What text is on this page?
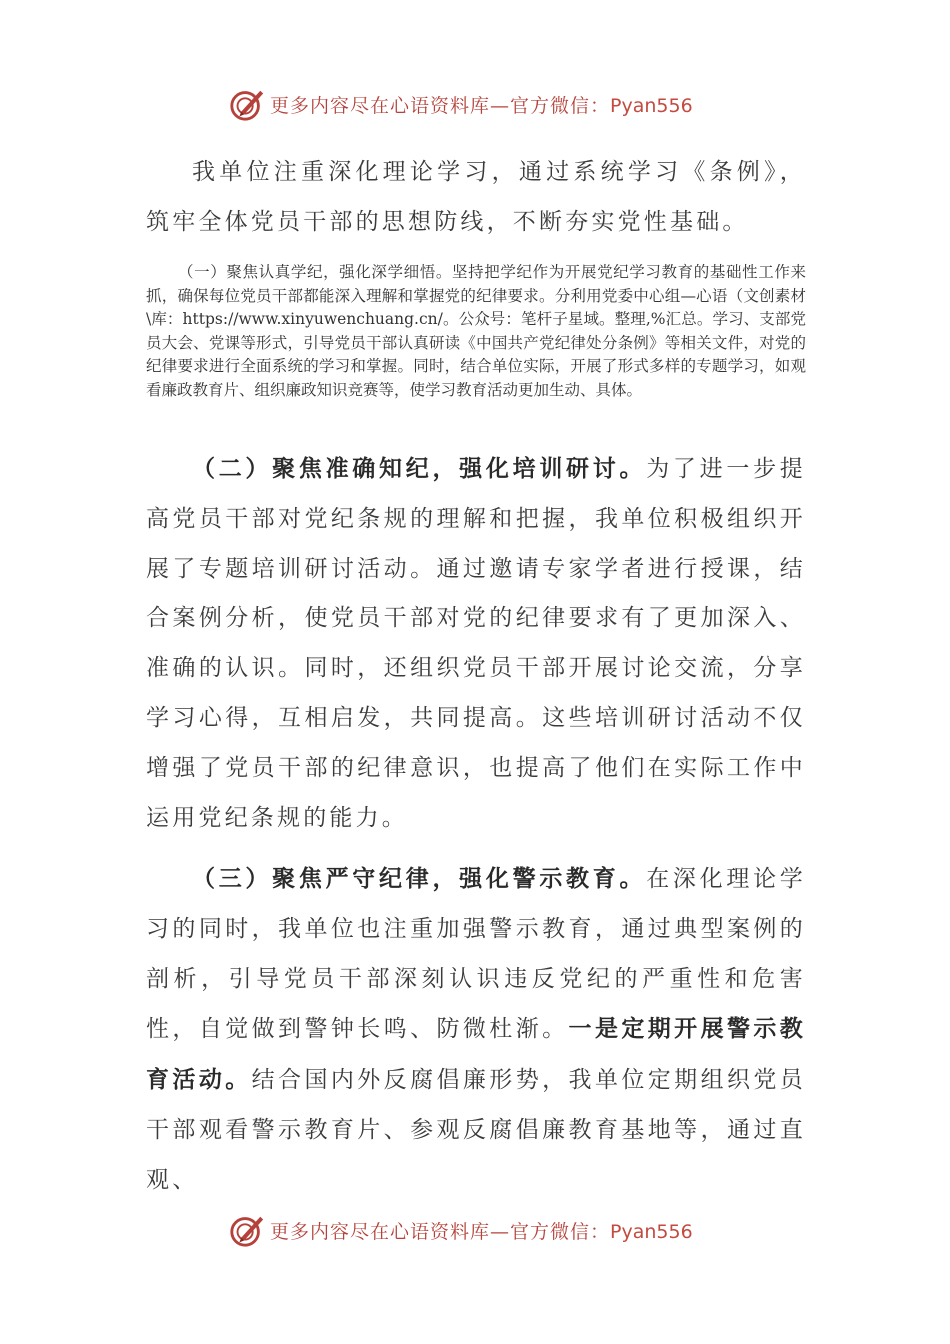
更多内容尽在心语资料库—官方微信：Pyan556

我单位注重深化理论学习，通过系统学习《条例》，筑牢全体党员干部的思想防线，不断夯实党性基础。

（一）聚焦认真学纪，强化深学细悟。坚持把学纪作为开展党纪学习教育的基础性工作来抓，确保每位党员干部都能深入理解和掌握党的纪律要求。分利用党委中心组—心语（文创素材\库：https://www.xinyuwenchuang.cn/。公众号：笔杆子星域。整理,%汇总。学习、支部党员大会、党课等形式，引导党员干部认真研读《中国共产党纪律处分条例》等相关文件，对党的纪律要求进行全面系统的学习和掌握。同时，结合单位实际，开展了形式多样的专题学习，如观看廉政教育片、组织廉政知识竞赛等，使学习教育活动更加生动、具体。

（二）聚焦准确知纪，强化培训研讨。为了进一步提高党员干部对党纪条规的理解和把握，我单位积极组织开展了专题培训研讨活动。通过邀请专家学者进行授课，结合案例分析，使党员干部对党的纪律要求有了更加深入、准确的认识。同时，还组织党员干部开展讨论交流，分享学习心得，互相启发，共同提高。这些培训研讨活动不仅增强了党员干部的纪律意识，也提高了他们在实际工作中运用党纪条规的能力。

（三）聚焦严守纪律，强化警示教育。在深化理论学习的同时，我单位也注重加强警示教育，通过典型案例的剖析，引导党员干部深刻认识违反党纪的严重性和危害性，自觉做到警钟长鸣、防微杜渐。一是定期开展警示教育活动。结合国内外反腐倡廉形势，我单位定期组织党员干部观看警示教育片、参观反腐倡廉教育基地等，通过直观、

更多内容尽在心语资料库—官方微信：Pyan556
